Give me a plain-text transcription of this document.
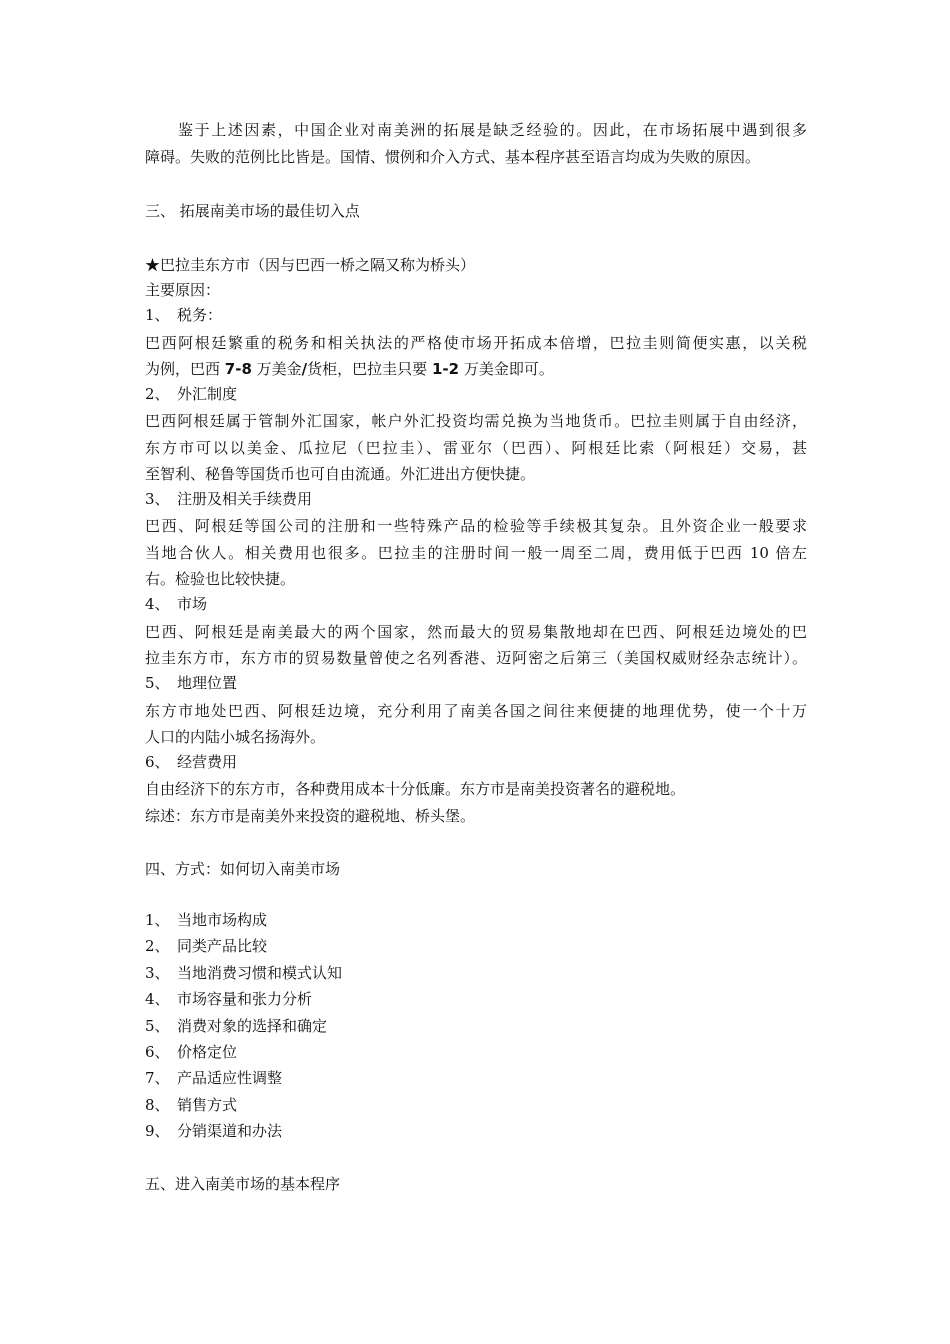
鉴于上述因素，中国企业对南美洲的拓展是缺乏经验的。因此，在市场拓展中遇到很多
障碍。失败的范例比比皆是。国情、惯例和介入方式、基本程序甚至语言均成为失败的原因。
三、 拓展南美市场的最佳切入点
★巴拉圭东方市（因与巴西一桥之隔又称为桥头）
主要原因：
1、 税务：
巴西阿根廷繁重的税务和相关执法的严格使市场开拓成本倍增，巴拉圭则简便实惠，以关税
为例，巴西 7-8 万美金/货柜，巴拉圭只要 1-2 万美金即可。
2、 外汇制度
巴西阿根廷属于管制外汇国家，帐户外汇投资均需兑换为当地货币。巴拉圭则属于自由经济，
东方市可以以美金、瓜拉尼（巴拉圭）、雷亚尔（巴西）、阿根廷比索（阿根廷）交易，甚
至智利、秘鲁等国货币也可自由流通。外汇进出方便快捷。
3、 注册及相关手续费用
巴西、阿根廷等国公司的注册和一些特殊产品的检验等手续极其复杂。且外资企业一般要求
当地合伙人。相关费用也很多。巴拉圭的注册时间一般一周至二周，费用低于巴西 10 倍左
右。检验也比较快捷。
4、 市场
巴西、阿根廷是南美最大的两个国家，然而最大的贸易集散地却在巴西、阿根廷边境处的巴
拉圭东方市，东方市的贸易数量曾使之名列香港、迈阿密之后第三（美国权威财经杂志统计）。
5、 地理位置
东方市地处巴西、阿根廷边境，充分利用了南美各国之间往来便捷的地理优势，使一个十万
人口的内陆小城名扬海外。
6、 经营费用
自由经济下的东方市，各种费用成本十分低廉。东方市是南美投资著名的避税地。
综述：东方市是南美外来投资的避税地、桥头堡。
四、方式：如何切入南美市场
1、 当地市场构成
2、 同类产品比较
3、 当地消费习惯和模式认知
4、 市场容量和张力分析
5、 消费对象的选择和确定
6、 价格定位
7、 产品适应性调整
8、 销售方式
9、 分销渠道和办法
五、进入南美市场的基本程序
